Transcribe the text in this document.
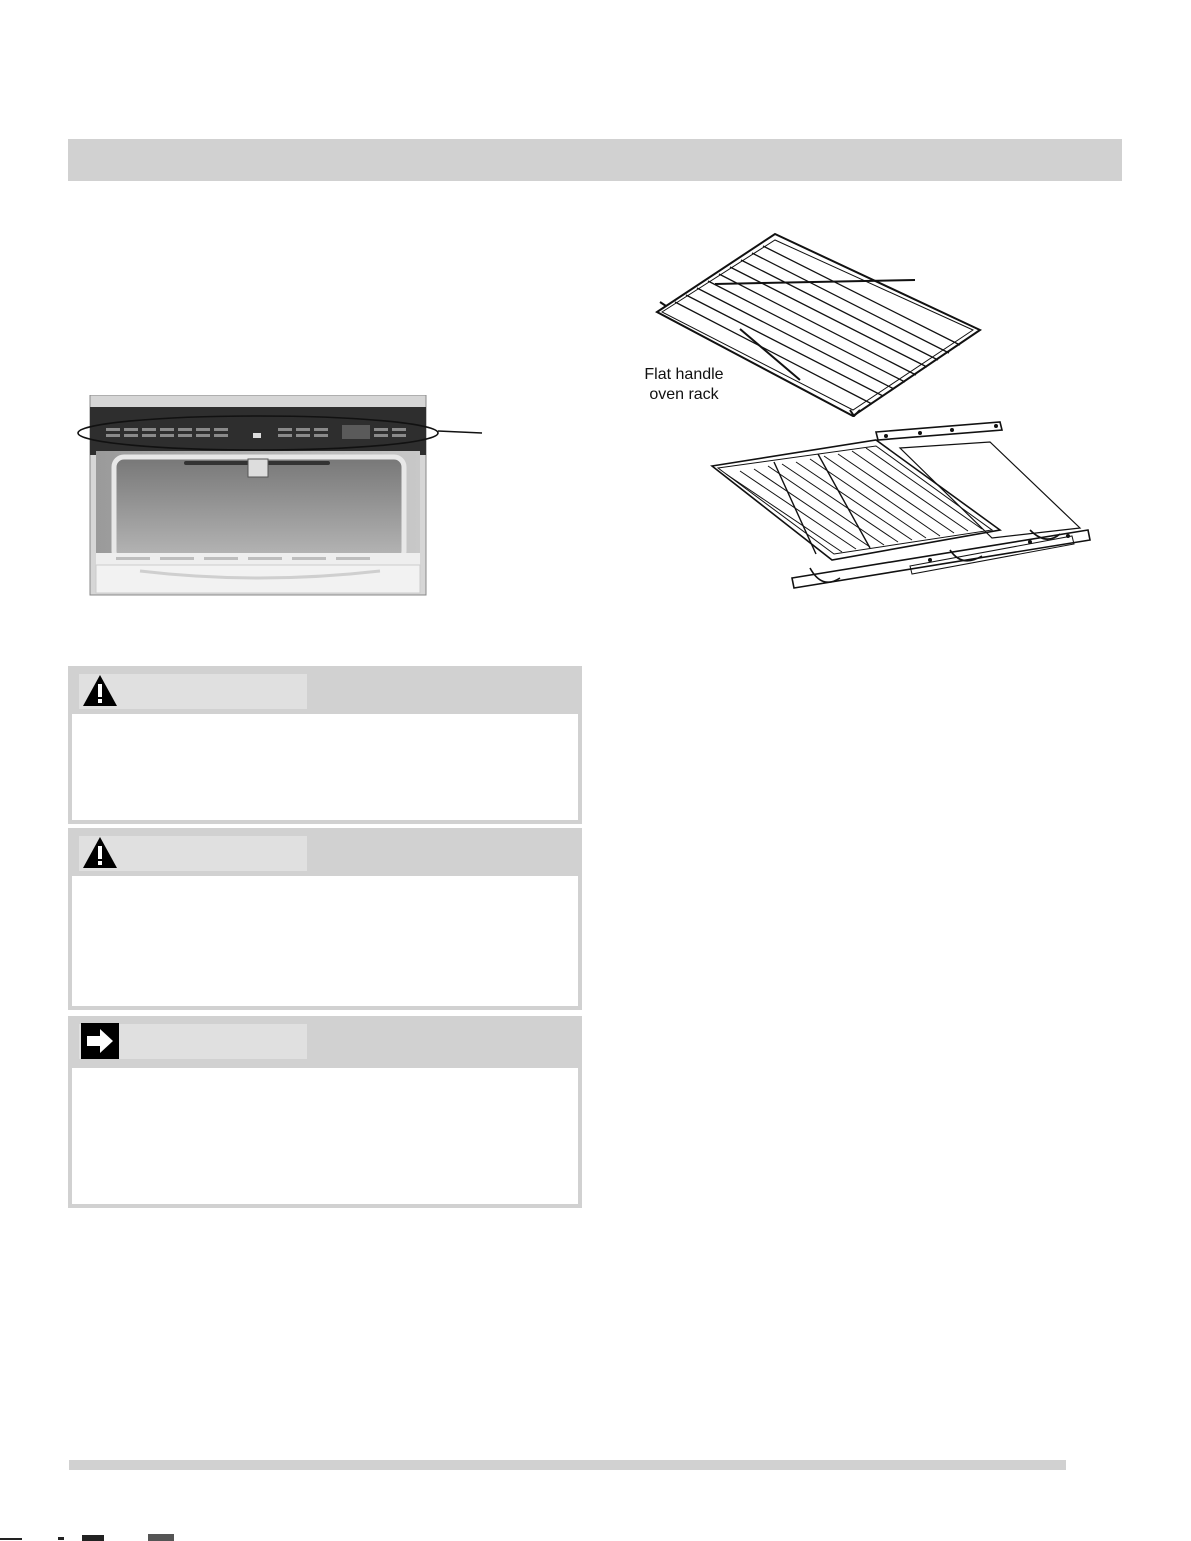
Flat handle
oven rack
